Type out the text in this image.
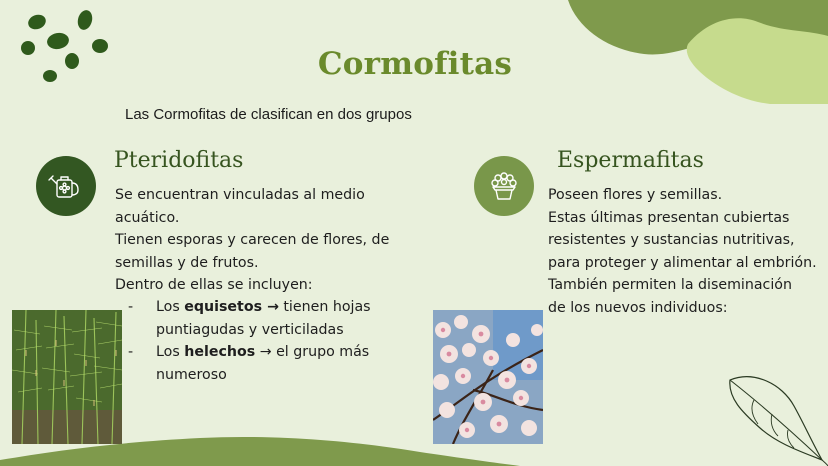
Cormofitas
Las Cormofitas de clasifican en dos grupos
Pteridofitas

Se encuentran vinculadas al medio

acuático.

Tienen esporas y carecen de flores, de

semillas y de frutos.

Dentro de ellas se incluyen:

-	Los equisetos → tienen hojas
puntiagudas y verticiladas
-	Los helechos → el grupo más
numeroso
Espermafitas

Poseen flores y semillas.

Estas últimas presentan cubiertas

resistentes y sustancias nutritivas,

para proteger y alimentar al embrión.

También permiten la diseminación

de los nuevos individuos:
